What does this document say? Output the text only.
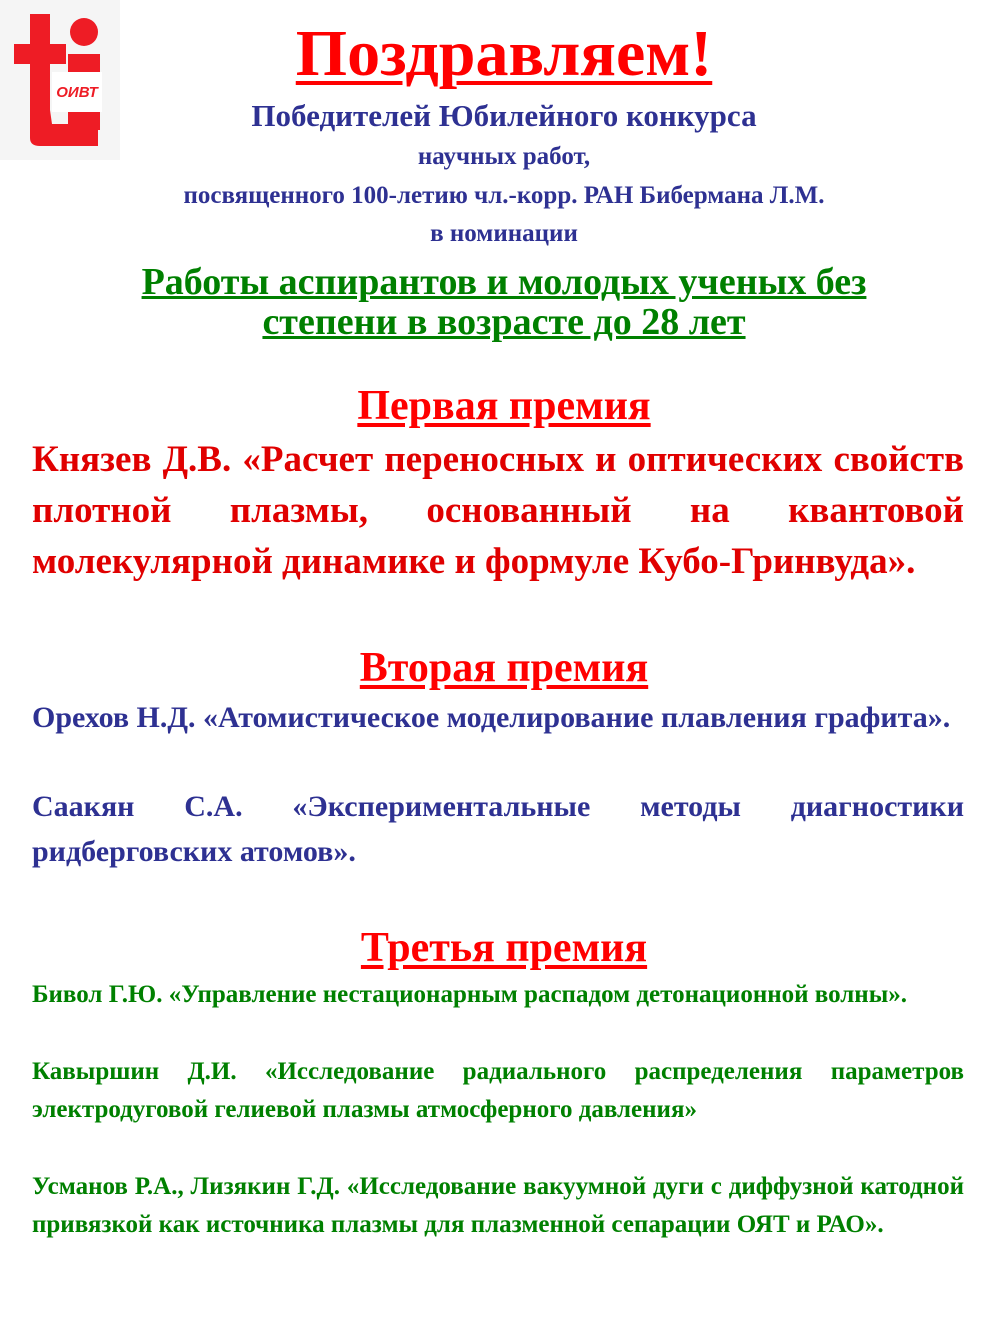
ОИВТ
Поздравляем!
Победителей Юбилейного конкурса
научных работ,
посвященного 100-летию чл.-корр. РАН Бибермана Л.М.
в номинации
Работы аспирантов и молодых ученых без степени в возрасте до 28 лет
Первая премия
Князев Д.В. «Расчет переносных и оптических свойств плотной плазмы, основанный на квантовой молекулярной динамике и формуле Кубо-Гринвуда».
Вторая премия
Орехов Н.Д. «Атомистическое моделирование плавления графита».
Саакян С.А. «Экспериментальные методы диагностики ридберговских атомов».
Третья премия
Бивол Г.Ю. «Управление нестационарным распадом детонационной волны».
Кавыршин Д.И. «Исследование радиального распределения параметров электродуговой гелиевой плазмы атмосферного давления»
Усманов Р.А., Лизякин Г.Д. «Исследование вакуумной дуги с диффузной катодной привязкой как источника плазмы для плазменной сепарации ОЯТ и РАО».
